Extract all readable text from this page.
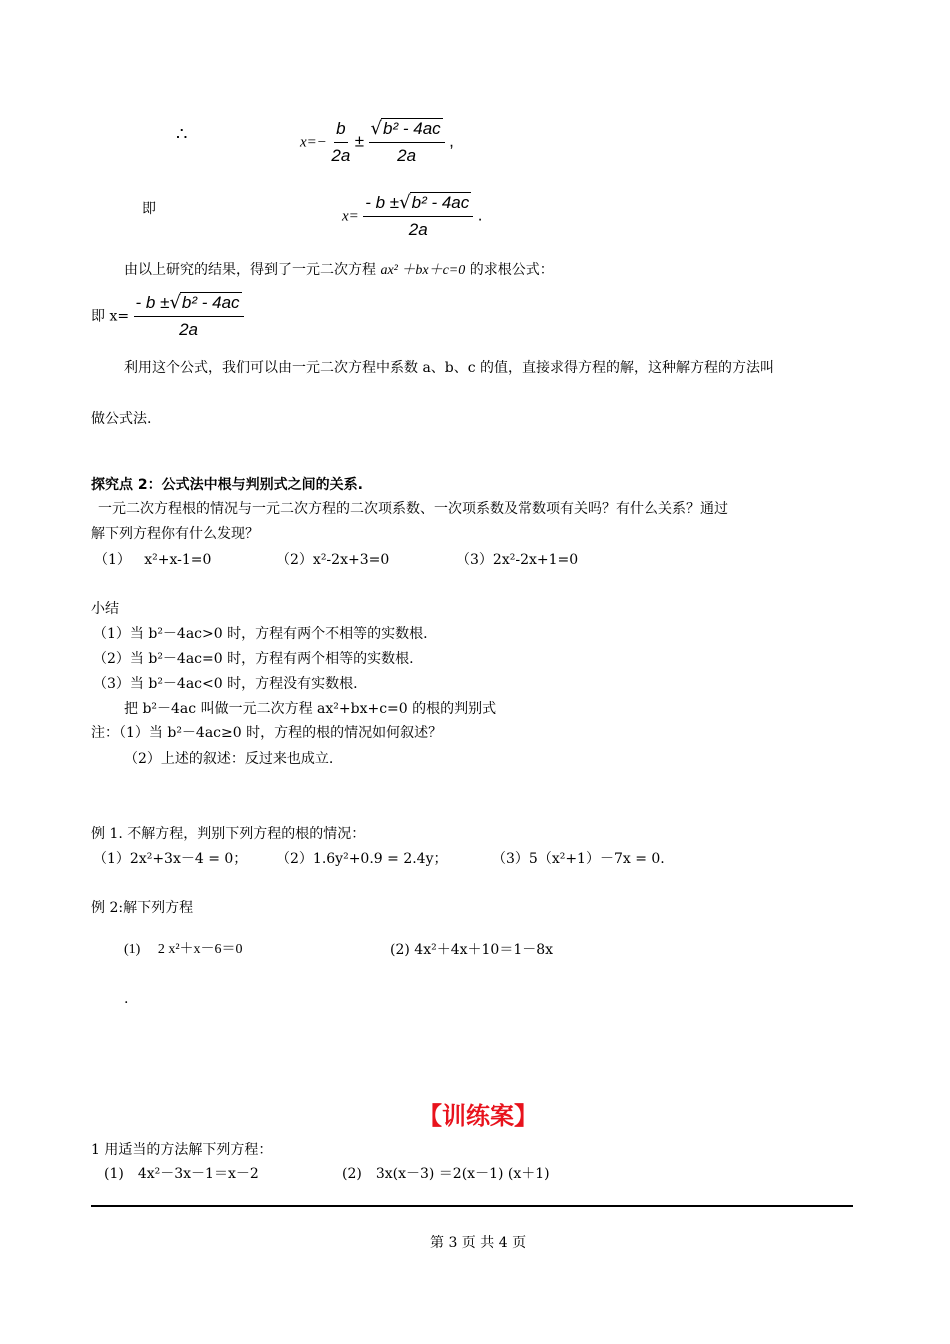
∴	$x=- \frac{b}{2a} \pm \frac{\text{√b² - 4ac}}{2a}$ ,
即	$x= \frac{\text{- b ±√b² - 4ac}}{2a}$ .
由以上研究的结果，得到了一元二次方程 ax² ＋bx＋c=0 的求根公式：
即 $x= \frac{\text{- b ±√b² - 4ac}}{2a}$
利用这个公式，我们可以由一元二次方程中系数 a、b、c 的值，直接求得方程的解，这种解方程的方法叫
做公式法.
探究点 2：公式法中根与判别式之间的关系.
一元二次方程根的情况与一元二次方程的二次项系数、一次项系数及常数项有关吗？有什么关系？通过
解下列方程你有什么发现？
（1） x²+x-1=0	（2）x²-2x+3=0	（3）2x²-2x+1=0
小结
（1）当 b²－4ac>0 时，方程有两个不相等的实数根.
（2）当 b²－4ac=0 时，方程有两个相等的实数根.
（3）当 b²－4ac<0 时，方程没有实数根.
把 b²－4ac 叫做一元二次方程 ax²+bx+c=0 的根的判别式
注：（1）当 b²－4ac≥0 时，方程的根的情况如何叙述？
（2）上述的叙述：反过来也成立.
例 1. 不解方程，判别下列方程的根的情况：
（1）2x²+3x－4 = 0； （2）1.6y²+0.9 = 2.4y；	（3）5（x²+1）－7x = 0.
例 2:解下列方程
(1)　 2 x²＋x－6＝0	(2) 4x²＋4x＋10＝1－8x
.
【训练案】
1 用适当的方法解下列方程：
(1)　4x²－3x－1＝x－2	(2)　3x(x－3) ＝2(x－1) (x＋1)
第 3 页 共 4 页
